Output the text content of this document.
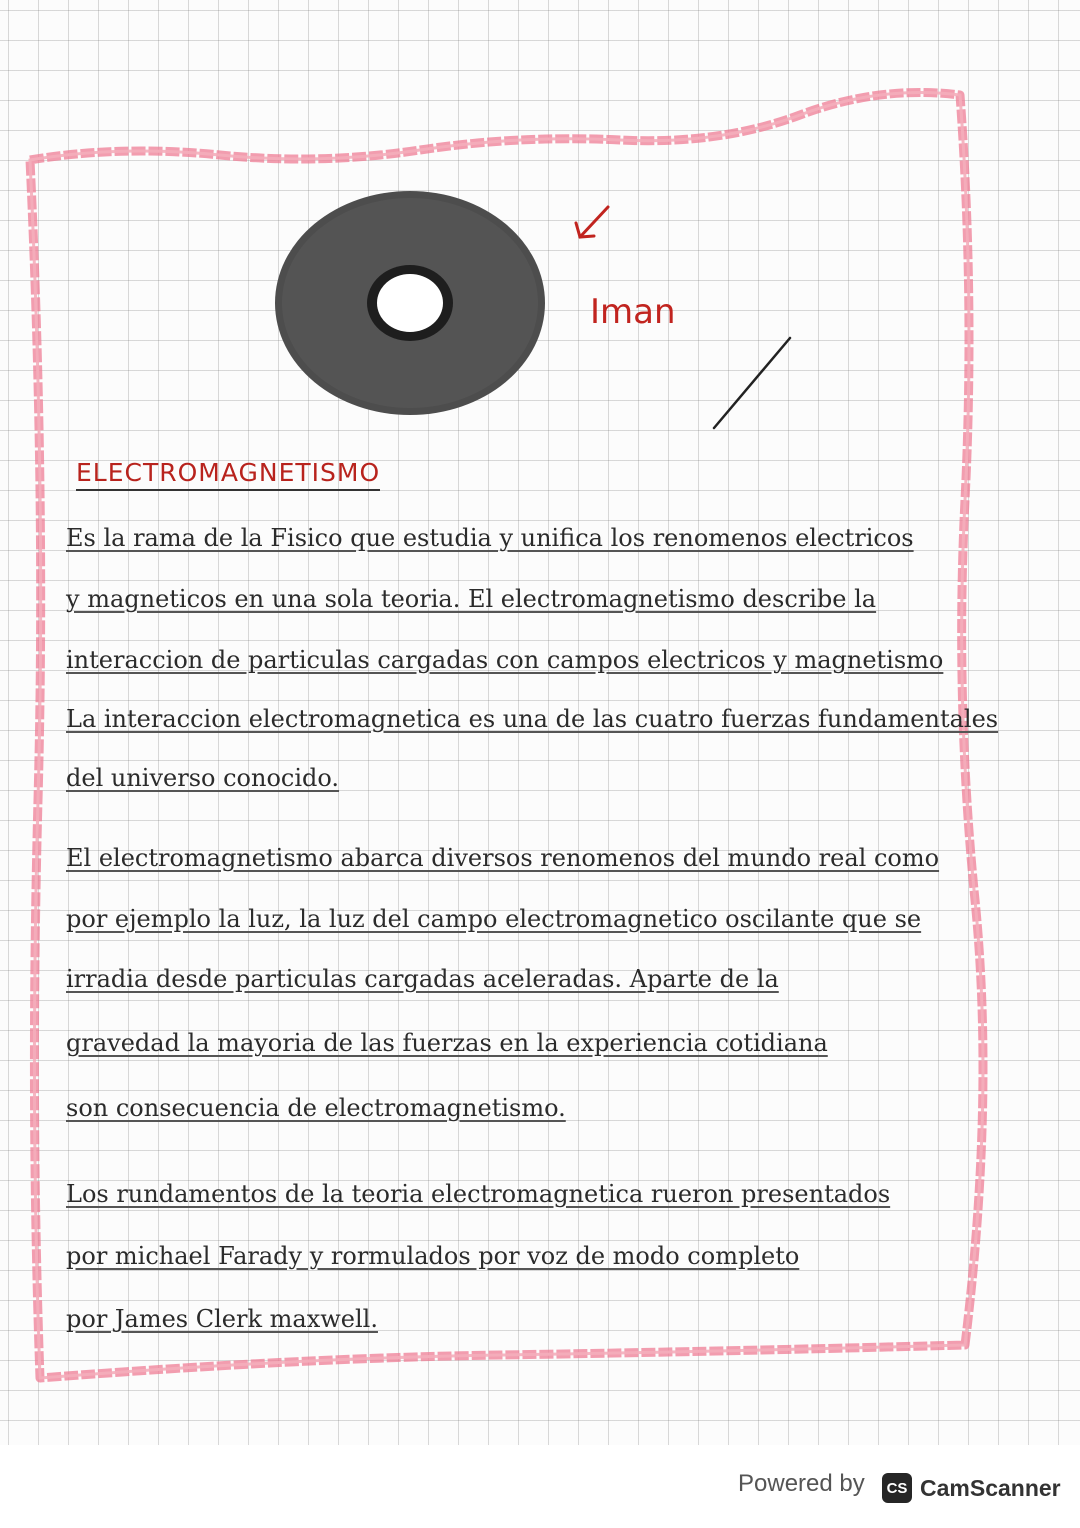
Iman
ELECTROMAGNETISMO
Es la rama de la Fisico que estudia y unifica los renomenos electricos
y magneticos en una sola teoria. El electromagnetismo describe la
interaccion de particulas cargadas con campos electricos y magnetismo
La interaccion electromagnetica es una de las cuatro fuerzas fundamentales
del universo conocido.
El electromagnetismo abarca diversos renomenos del mundo real como
por ejemplo la luz, la luz del campo electromagnetico oscilante que se
irradia desde particulas cargadas aceleradas. Aparte de la
gravedad la mayoria de las fuerzas en la experiencia cotidiana
son consecuencia de electromagnetismo.
Los rundamentos de la teoria electromagnetica rueron presentados
por michael Farady y rormulados por voz de modo completo
por James Clerk maxwell.
Powered by	CS CamScanner
